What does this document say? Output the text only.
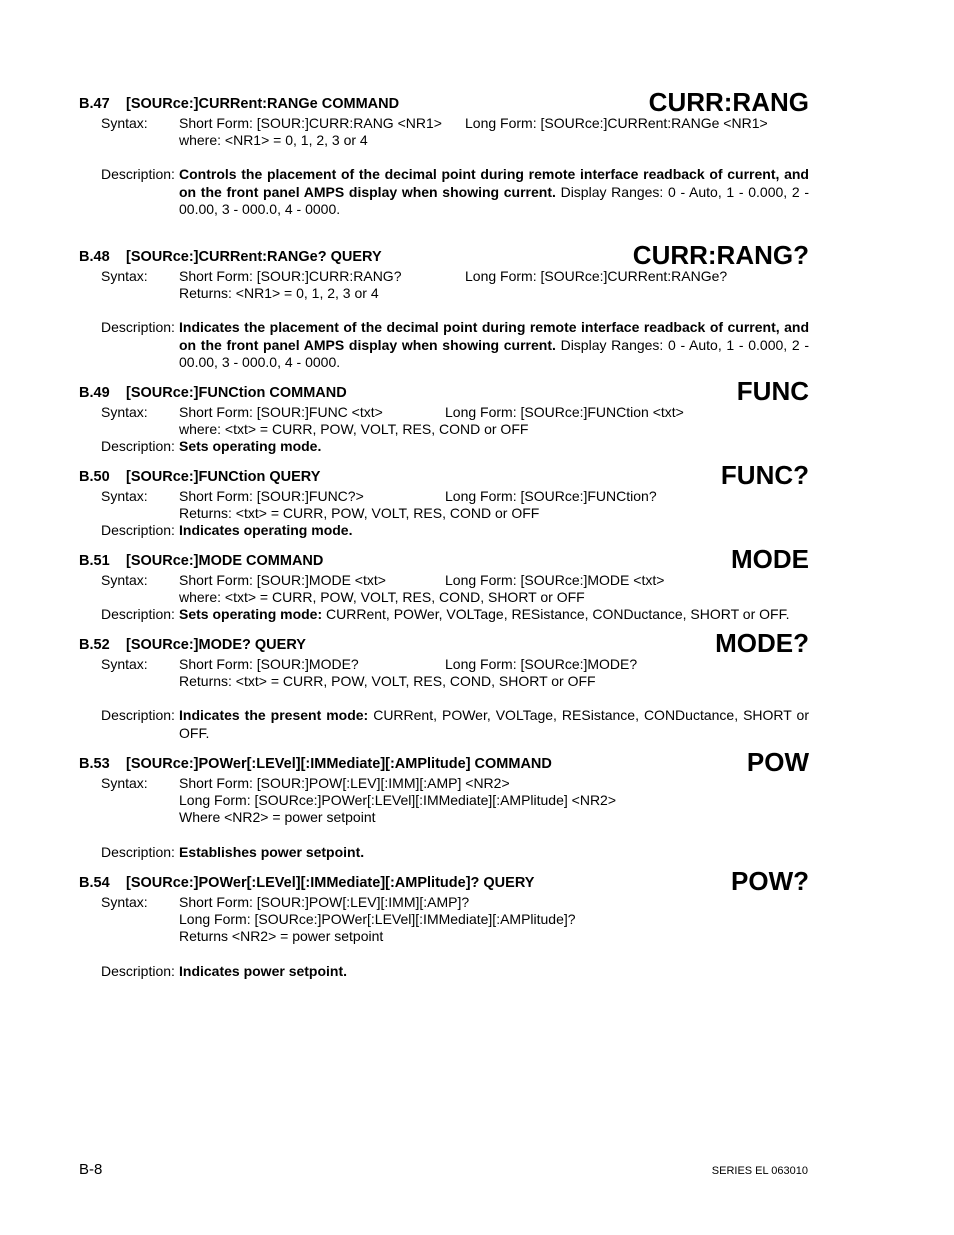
B.47 [SOURce:]CURRent:RANGe COMMAND	CURR:RANG
Syntax: Short Form: [SOUR:]CURR:RANG <NR1> Long Form: [SOURce:]CURRent:RANGe <NR1>
where: <NR1> = 0, 1, 2, 3 or 4
Description: Controls the placement of the decimal point during remote interface readback of current, and on the front panel AMPS display when showing current. Display Ranges: 0 - Auto, 1 - 0.000, 2 - 00.00, 3 - 000.0, 4 - 0000.
B.48 [SOURce:]CURRent:RANGe? QUERY	CURR:RANG?
Syntax: Short Form: [SOUR:]CURR:RANG?	Long Form: [SOURce:]CURRent:RANGe?
Returns: <NR1> = 0, 1, 2, 3 or 4
Description: Indicates the placement of the decimal point during remote interface readback of current, and on the front panel AMPS display when showing current. Display Ranges: 0 - Auto, 1 - 0.000, 2 - 00.00, 3 - 000.0, 4 - 0000.
B.49 [SOURce:]FUNCtion COMMAND	FUNC
Syntax: Short Form: [SOUR:]FUNC <txt>	Long Form: [SOURce:]FUNCtion <txt>
where: <txt> = CURR, POW, VOLT, RES, COND or OFF
Description: Sets operating mode.
B.50 [SOURce:]FUNCtion QUERY	FUNC?
Syntax: Short Form: [SOUR:]FUNC?>	Long Form: [SOURce:]FUNCtion?
Returns: <txt> = CURR, POW, VOLT, RES, COND or OFF
Description: Indicates operating mode.
B.51 [SOURce:]MODE COMMAND	MODE
Syntax: Short Form: [SOUR:]MODE <txt>	Long Form: [SOURce:]MODE <txt>
where: <txt> = CURR, POW, VOLT, RES, COND, SHORT or OFF
Description: Sets operating mode: CURRent, POWer, VOLTage, RESistance, CONDuctance, SHORT or OFF.
B.52 [SOURce:]MODE? QUERY	MODE?
Syntax: Short Form: [SOUR:]MODE?	Long Form: [SOURce:]MODE?
Returns: <txt> = CURR, POW, VOLT, RES, COND, SHORT or OFF
Description: Indicates the present mode: CURRent, POWer, VOLTage, RESistance, CONDuctance, SHORT or OFF.
B.53 [SOURce:]POWer[:LEVel][:IMMediate][:AMPlitude] COMMAND	POW
Syntax: Short Form: [SOUR:]POW[:LEV][:IMM][:AMP] <NR2>
Long Form: [SOURce:]POWer[:LEVel][:IMMediate][:AMPlitude] <NR2>
Where <NR2> = power setpoint
Description: Establishes power setpoint.
B.54 [SOURce:]POWer[:LEVel][:IMMediate][:AMPlitude]? QUERY	POW?
Syntax: Short Form: [SOUR:]POW[:LEV][:IMM][:AMP]?
Long Form: [SOURce:]POWer[:LEVel][:IMMediate][:AMPlitude]?
Returns <NR2> = power setpoint
Description: Indicates power setpoint.
B-8	SERIES EL 063010
